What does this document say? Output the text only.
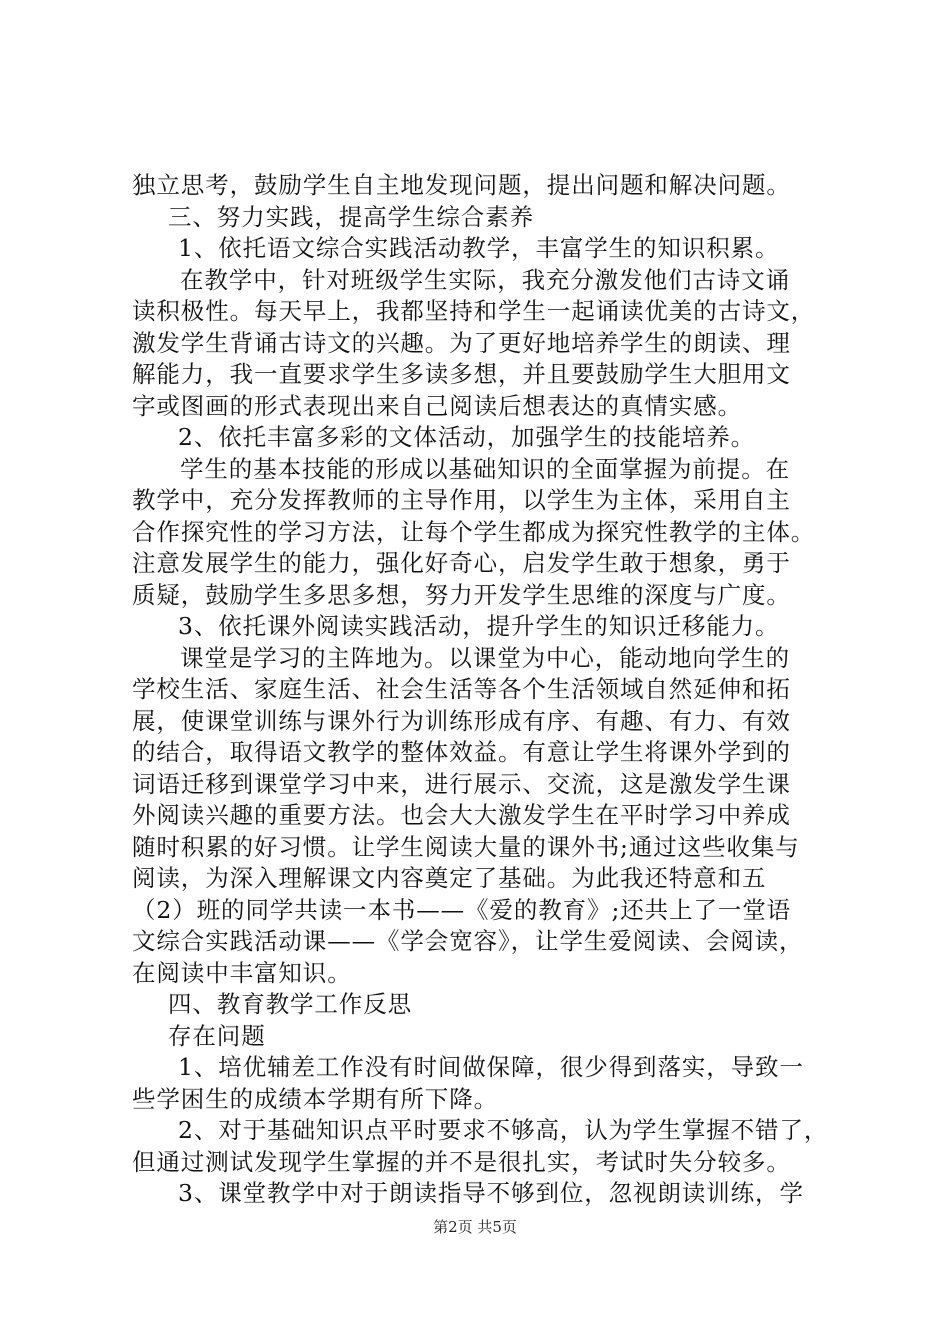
独立思考，鼓励学生自主地发现问题，提出问题和解决问题。
三、努力实践，提高学生综合素养
1、依托语文综合实践活动教学，丰富学生的知识积累。
在教学中，针对班级学生实际，我充分激发他们古诗文诵
读积极性。每天早上，我都坚持和学生一起诵读优美的古诗文，
激发学生背诵古诗文的兴趣。为了更好地培养学生的朗读、理
解能力，我一直要求学生多读多想，并且要鼓励学生大胆用文
字或图画的形式表现出来自己阅读后想表达的真情实感。
2、依托丰富多彩的文体活动，加强学生的技能培养。
学生的基本技能的形成以基础知识的全面掌握为前提。在
教学中，充分发挥教师的主导作用，以学生为主体，采用自主
合作探究性的学习方法，让每个学生都成为探究性教学的主体。
注意发展学生的能力，强化好奇心，启发学生敢于想象，勇于
质疑，鼓励学生多思多想，努力开发学生思维的深度与广度。
3、依托课外阅读实践活动，提升学生的知识迁移能力。
课堂是学习的主阵地为。以课堂为中心，能动地向学生的
学校生活、家庭生活、社会生活等各个生活领域自然延伸和拓
展，使课堂训练与课外行为训练形成有序、有趣、有力、有效
的结合，取得语文教学的整体效益。有意让学生将课外学到的
词语迁移到课堂学习中来，进行展示、交流，这是激发学生课
外阅读兴趣的重要方法。也会大大激发学生在平时学习中养成
随时积累的好习惯。让学生阅读大量的课外书;通过这些收集与
阅读，为深入理解课文内容奠定了基础。为此我还特意和五
（2）班的同学共读一本书——《爱的教育》;还共上了一堂语
文综合实践活动课——《学会宽容》，让学生爱阅读、会阅读，
在阅读中丰富知识。
四、教育教学工作反思
存在问题
1、培优辅差工作没有时间做保障，很少得到落实，导致一
些学困生的成绩本学期有所下降。
2、对于基础知识点平时要求不够高，认为学生掌握不错了，
但通过测试发现学生掌握的并不是很扎实，考试时失分较多。
3、课堂教学中对于朗读指导不够到位，忽视朗读训练，学
第2页 共5页
